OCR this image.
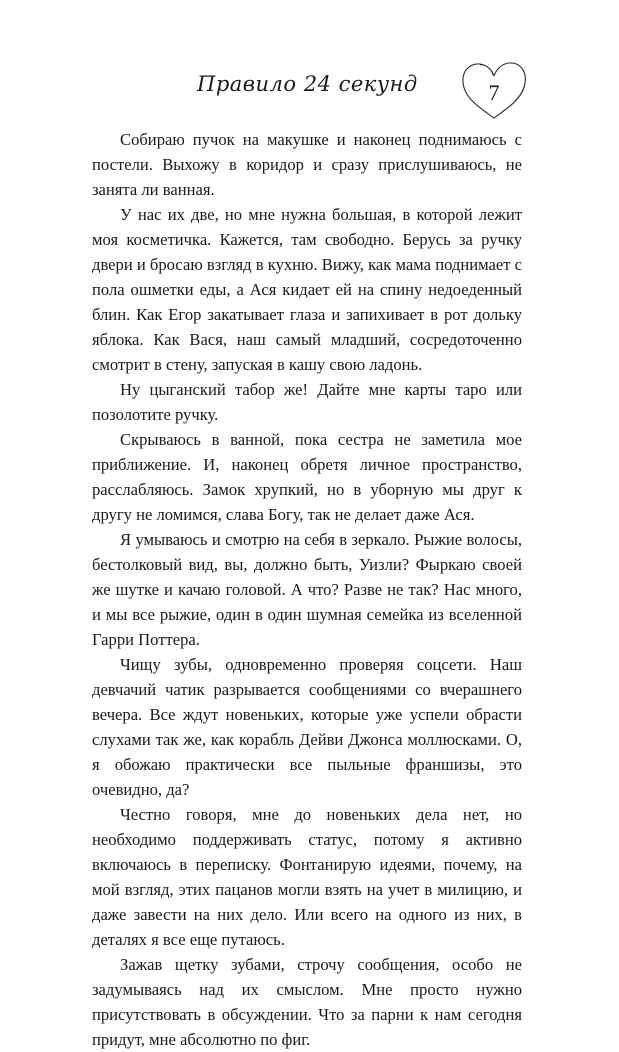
Правило 24 секунд	7

Собираю пучок на макушке и наконец поднимаюсь с постели. Выхожу в коридор и сразу прислушиваюсь, не занята ли ванная.

У нас их две, но мне нужна большая, в которой лежит моя косметичка. Кажется, там свободно. Берусь за ручку двери и бросаю взгляд в кухню. Вижу, как мама поднимает с пола ошметки еды, а Ася кидает ей на спину недоеденный блин. Как Егор закатывает глаза и запихивает в рот дольку яблока. Как Вася, наш самый младший, сосредоточенно смотрит в стену, запуская в кашу свою ладонь.

Ну цыганский табор же! Дайте мне карты таро или позолотите ручку.

Скрываюсь в ванной, пока сестра не заметила мое приближение. И, наконец обретя личное пространство, расслабляюсь. Замок хрупкий, но в уборную мы друг к другу не ломимся, слава Богу, так не делает даже Ася.

Я умываюсь и смотрю на себя в зеркало. Рыжие волосы, бестолковый вид, вы, должно быть, Уизли? Фыркаю своей же шутке и качаю головой. А что? Разве не так? Нас много, и мы все рыжие, один в один шумная семейка из вселенной Гарри Поттера.

Чищу зубы, одновременно проверяя соцсети. Наш девчачий чатик разрывается сообщениями со вчерашнего вечера. Все ждут новеньких, которые уже успели обрасти слухами так же, как корабль Дейви Джонса моллюсками. О, я обожаю практически все пыльные франшизы, это очевидно, да?

Честно говоря, мне до новеньких дела нет, но необходимо поддерживать статус, потому я активно включаюсь в переписку. Фонтанирую идеями, почему, на мой взгляд, этих пацанов могли взять на учет в милицию, и даже завести на них дело. Или всего на одного из них, в деталях я все еще путаюсь.

Зажав щетку зубами, строчу сообщения, особо не задумываясь над их смыслом. Мне просто нужно присутствовать в обсуждении. Что за парни к нам сегодня придут, мне абсолютно по фиг.
